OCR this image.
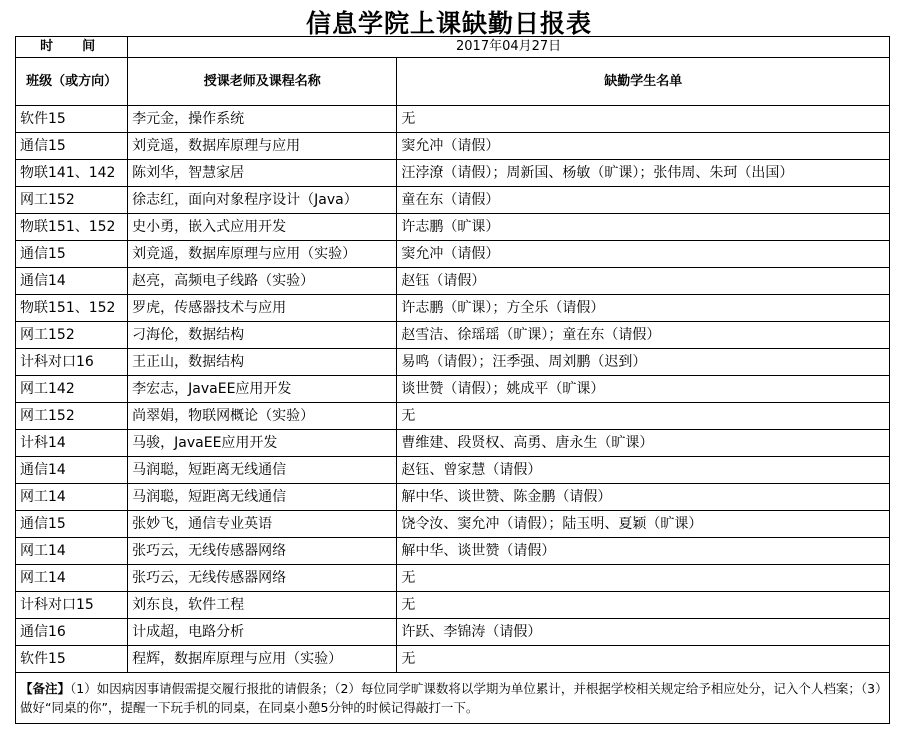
信息学院上课缺勤日报表
时　间	2017年04月27日	
班级（或方向）	授课老师及课程名称	缺勤学生名单
软件15	李元金，操作系统	无
通信15	刘竞遥，数据库原理与应用	窦允冲（请假）
物联141、142	陈刘华，智慧家居	汪浡潦（请假）；周新国、杨敏（旷课）；张伟周、朱珂（出国）
网工152	徐志红，面向对象程序设计（Java）	童在东（请假）
物联151、152	史小勇，嵌入式应用开发	许志鹏（旷课）
通信15	刘竞遥，数据库原理与应用（实验）	窦允冲（请假）
通信14	赵亮，高频电子线路（实验）	赵钰（请假）
物联151、152	罗虎，传感器技术与应用	许志鹏（旷课）；方全乐（请假）
网工152	刁海伦，数据结构	赵雪洁、徐瑶瑶（旷课）；童在东（请假）
计科对口16	王正山，数据结构	易鸣（请假）；汪季强、周刘鹏（迟到）
网工142	李宏志，JavaEE应用开发	谈世赞（请假）；姚成平（旷课）
网工152	尚翠娟，物联网概论（实验）	无
计科14	马骏，JavaEE应用开发	曹维建、段贤权、高勇、唐永生（旷课）
通信14	马润聪，短距离无线通信	赵钰、曾家慧（请假）
网工14	马润聪，短距离无线通信	解中华、谈世赞、陈金鹏（请假）
通信15	张妙飞，通信专业英语	饶令汝、窦允冲（请假）；陆玉明、夏颖（旷课）
网工14	张巧云，无线传感器网络	解中华、谈世赞（请假）
网工14	张巧云，无线传感器网络	无
计科对口15	刘东良，软件工程	无
通信16	计成超，电路分析	许跃、李锦涛（请假）
软件15	程辉，数据库原理与应用（实验）	无
【备注】（1）如因病因事请假需提交履行报批的请假条；（2）每位同学旷课数将以学期为单位累计，并根据学校相关规定给予相应处分，记入个人档案；（3）做好“同桌的你”，提醒一下玩手机的同桌，在同桌小憩5分钟的时候记得敲打一下。		
